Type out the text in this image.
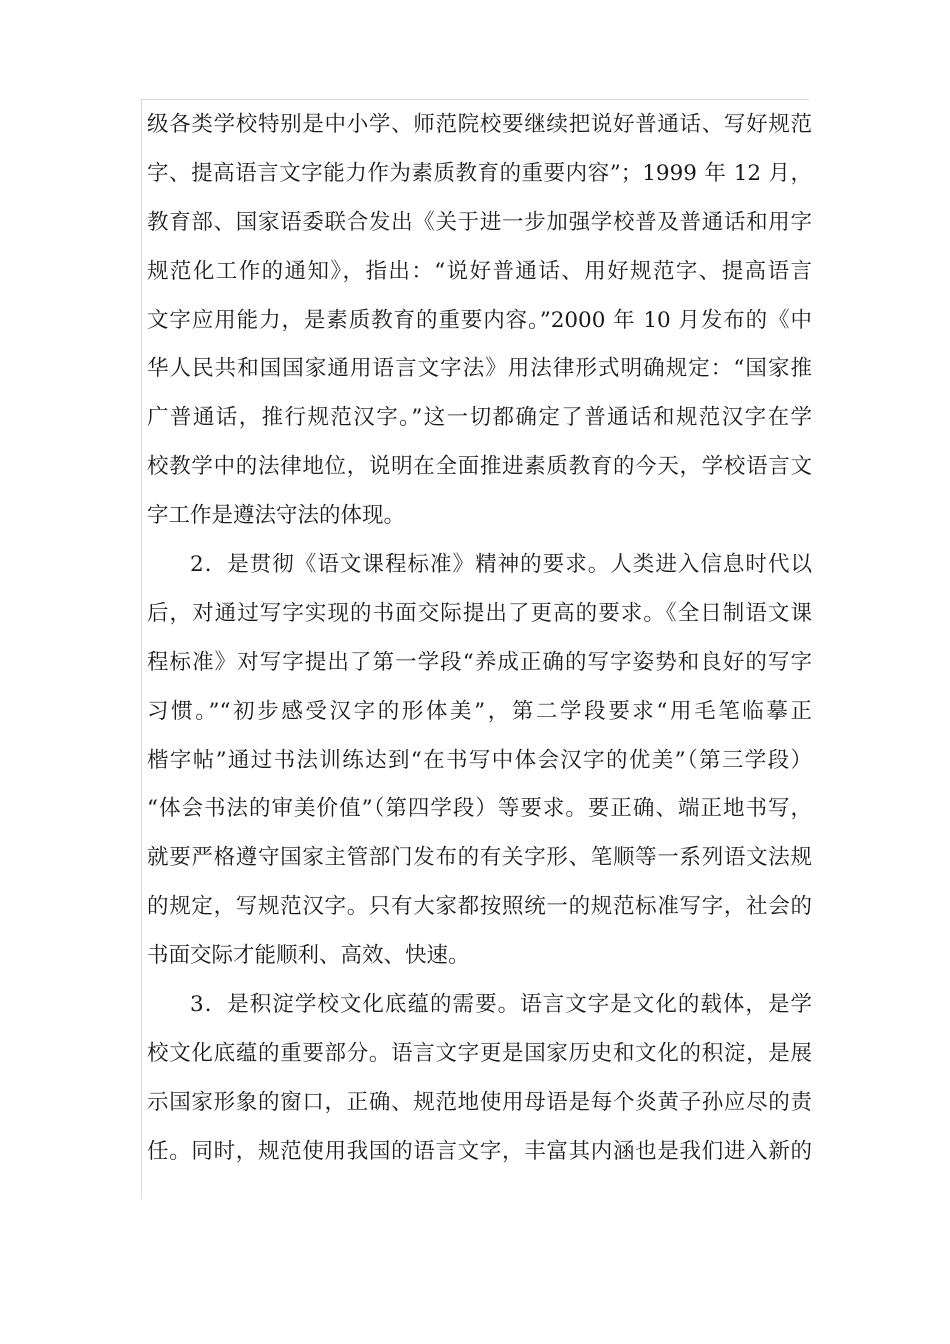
级各类学校特别是中小学、师范院校要继续把说好普通话、写好规范
字、提高语言文字能力作为素质教育的重要内容”；1999 年 12 月，
教育部、国家语委联合发出《关于进一步加强学校普及普通话和用字
规范化工作的通知》，指出：“说好普通话、用好规范字、提高语言
文字应用能力，是素质教育的重要内容。”2000 年 10 月发布的《中
华人民共和国国家通用语言文字法》用法律形式明确规定：“国家推
广普通话，推行规范汉字。”这一切都确定了普通话和规范汉字在学
校教学中的法律地位，说明在全面推进素质教育的今天，学校语言文
字工作是遵法守法的体现。
2．是贯彻《语文课程标准》精神的要求。人类进入信息时代以
后，对通过写字实现的书面交际提出了更高的要求。《全日制语文课
程标准》对写字提出了第一学段“养成正确的写字姿势和良好的写字
习惯。”“初步感受汉字的形体美”，第二学段要求“用毛笔临摹正
楷字帖”通过书法训练达到“在书写中体会汉字的优美”（第三学段）
“体会书法的审美价值”（第四学段）等要求。要正确、端正地书写，
就要严格遵守国家主管部门发布的有关字形、笔顺等一系列语文法规
的规定，写规范汉字。只有大家都按照统一的规范标准写字，社会的
书面交际才能顺利、高效、快速。
3．是积淀学校文化底蕴的需要。语言文字是文化的载体，是学
校文化底蕴的重要部分。语言文字更是国家历史和文化的积淀，是展
示国家形象的窗口，正确、规范地使用母语是每个炎黄子孙应尽的责
任。同时，规范使用我国的语言文字，丰富其内涵也是我们进入新的
